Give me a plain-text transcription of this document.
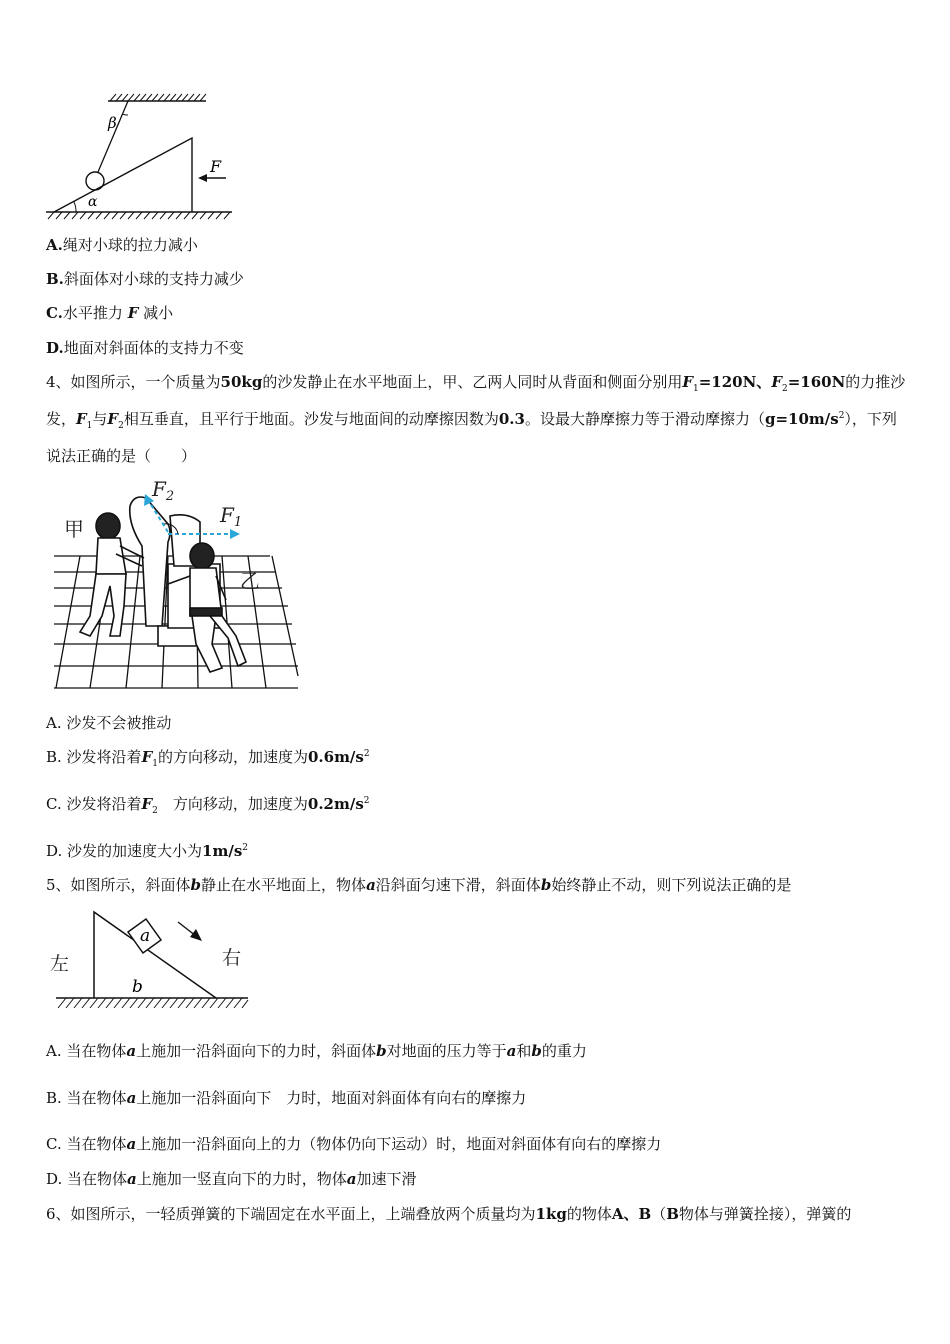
β
α
F
A.绳对小球的拉力减小
B.斜面体对小球的支持力减少
C.水平推力 F 减小
D.地面对斜面体的支持力不变
4、如图所示，一个质量为50kg的沙发静止在水平地面上，甲、乙两人同时从背面和侧面分别用$F_1=120N$、$F_2=160N$的力推沙发，$F_1$与$F_2$相互垂直，且平行于地面。沙发与地面间的动摩擦因数为0.3。设最大静摩擦力等于滑动摩擦力$(g=10m/s^2)$，下列说法正确的是（　　）
$F_2$
$F_1$
甲
乙
A. 沙发不会被推动
B. 沙发将沿着$F_1$的方向移动，加速度为$0.6m/s^2$
C. 沙发将沿着$F_2$　方向移动，加速度为$0.2m/s^2$
D. 沙发的加速度大小为$1m/s^2$
5、如图所示，斜面体b静止在水平地面上，物体a沿斜面匀速下滑，斜面体b始终静止不动，则下列说法正确的是
a
b
左	右
A. 当在物体a上施加一沿斜面向下的力时，斜面体b对地面的压力等于a和b的重力
B. 当在物体a上施加一沿斜面向下　力时，地面对斜面体有向右的摩擦力
C. 当在物体a上施加一沿斜面向上的力（物体仍向下运动）时，地面对斜面体有向右的摩擦力
D. 当在物体a上施加一竖直向下的力时，物体a加速下滑
6、如图所示，一轻质弹簧的下端固定在水平面上，上端叠放两个质量均为1kg的物体A、B（B物体与弹簧拴接），弹簧的
